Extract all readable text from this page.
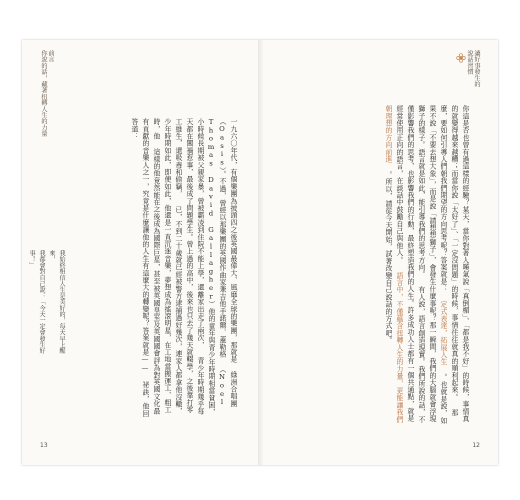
前言
你說的話，藏著扭轉人生的力量

一九六〇年代，有個樂團為披頭四之後英國最偉大、風靡全球的樂團，那就是

綠洲合唱團（Oasis）。不過，曾經以那樂團的英國作曲家兼吉他手諾爾．蓋勒格

（Noel Thomas David Gallagher）他的童年與青少年時期相當貧困，小時候長期被父親家暴，曾被霸凌到住院不能上學，還離家出走了兩次，

青少年時期幾乎每天都在闖禍惹事，最後成了問題學生。曾上過的高中，後來也只去了幾天就輟學，之後靠打零工維生，還吸毒和偷竊，

已，不到二十歲就已經被警方逮捕過好幾次，連家人都拿他沒轍，少年時期如此，即便如此，他還是一直沉迷音樂，夢想成為搖滾明星，在工地當搬運工、粗工時，他

這樣的他竟然能在之後成為國際巨星，甚至被英國皇室及英國國會評為對英國文化最有貢獻的音樂人之一，究竟是什麼讓他的人生有這麼大的轉變呢？答案就是——

祕訣，他回答道：

我始終相信人生是美好的，每天早上醒來，
我都會對自己說：「今天一定會發生好事！」
13
讓好事發生的
說話習慣
你這是否也曾有過這樣的經驗？某天，當你對著人嘆氣說「真倒楣」、「都是我不好」的時候，事情真的就變得越來越糟；而當你說「太好了」、「一定沒問題」的時候，事情往往就真的順利起來。 那麼，要如何引導人們朝我們期望的方向思考呢？答案就是： 定式表達，拓展人生 。也就是說，如果不說「不要去想大象」，而是說「請想想獅子」，會發生什麼事呢？那一瞬間，我們的大腦就會浮現獅子的樣子。語言就是如此，能引導我們的思考方向。 有人說，語言創造現實。我們所說的話，不僅影響我們的思考，也影響我們的行動，最終塑造我們的人生。許多成功人士都有一個共通點，就是經常使用正向的語言，在談話中鼓勵自己與他人。 語言中，不僅蘊含扭轉人生的力量，更能讓我們朝理想的方向前進 。所以，請從今天開始，試著改變自己說話的方式吧。
12
